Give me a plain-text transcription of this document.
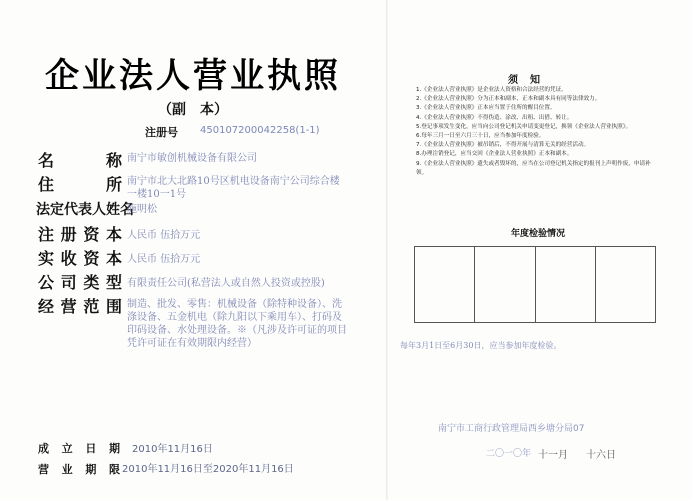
企业法人营业执照
（副　本）
注册号 450107200042258(1-1)
名　　称 南宁市敏创机械设备有限公司
住　　所 南宁市北大北路10号区机电设备南宁公司综合楼一楼10一1号
法定代表人姓名
施明松
注册资本 人民币 伍拾万元
实收资本 人民币 伍拾万元
公司类型 有限责任公司(私营法人或自然人投资或控股)
经营范围 制造、批发、零售：机械设备（除特种设备）、洗涤设备、五金机电（除九阳以下乘用车）、打码及印码设备、水处理设备。※（凡涉及许可证的项目凭许可证在有效期限内经营）
成立日期 2010年11月16日
营业期限 2010年11月16日至2020年11月16日
须知
1.《企业法人营业执照》是企业法人资格和合法经营的凭证。
2.《企业法人营业执照》分为正本和副本，正本和副本具有同等法律效力。
3.《企业法人营业执照》正本应当置于住所的醒目位置。
4.《企业法人营业执照》不得伪造、涂改、出租、出借、转让。
5.登记事项发生变化，应当向公司登记机关申请变更登记，换领《企业法人营业执照》。
6.每年三月一日至六月三十日，应当参加年度检验。
7.《企业法人营业执照》被吊销后，不得开展与清算无关的经营活动。
8.办理注销登记，应当交回《企业法人营业执照》正本和副本。
9.《企业法人营业执照》遗失或者毁坏的，应当在公司登记机关指定的报刊上声明作废，申请补领。
年度检验情况
每年3月1日至6月30日，应当参加年度检验。
南宁市工商行政管理局西乡塘分局07
二〇一〇年 十一月 十六日
